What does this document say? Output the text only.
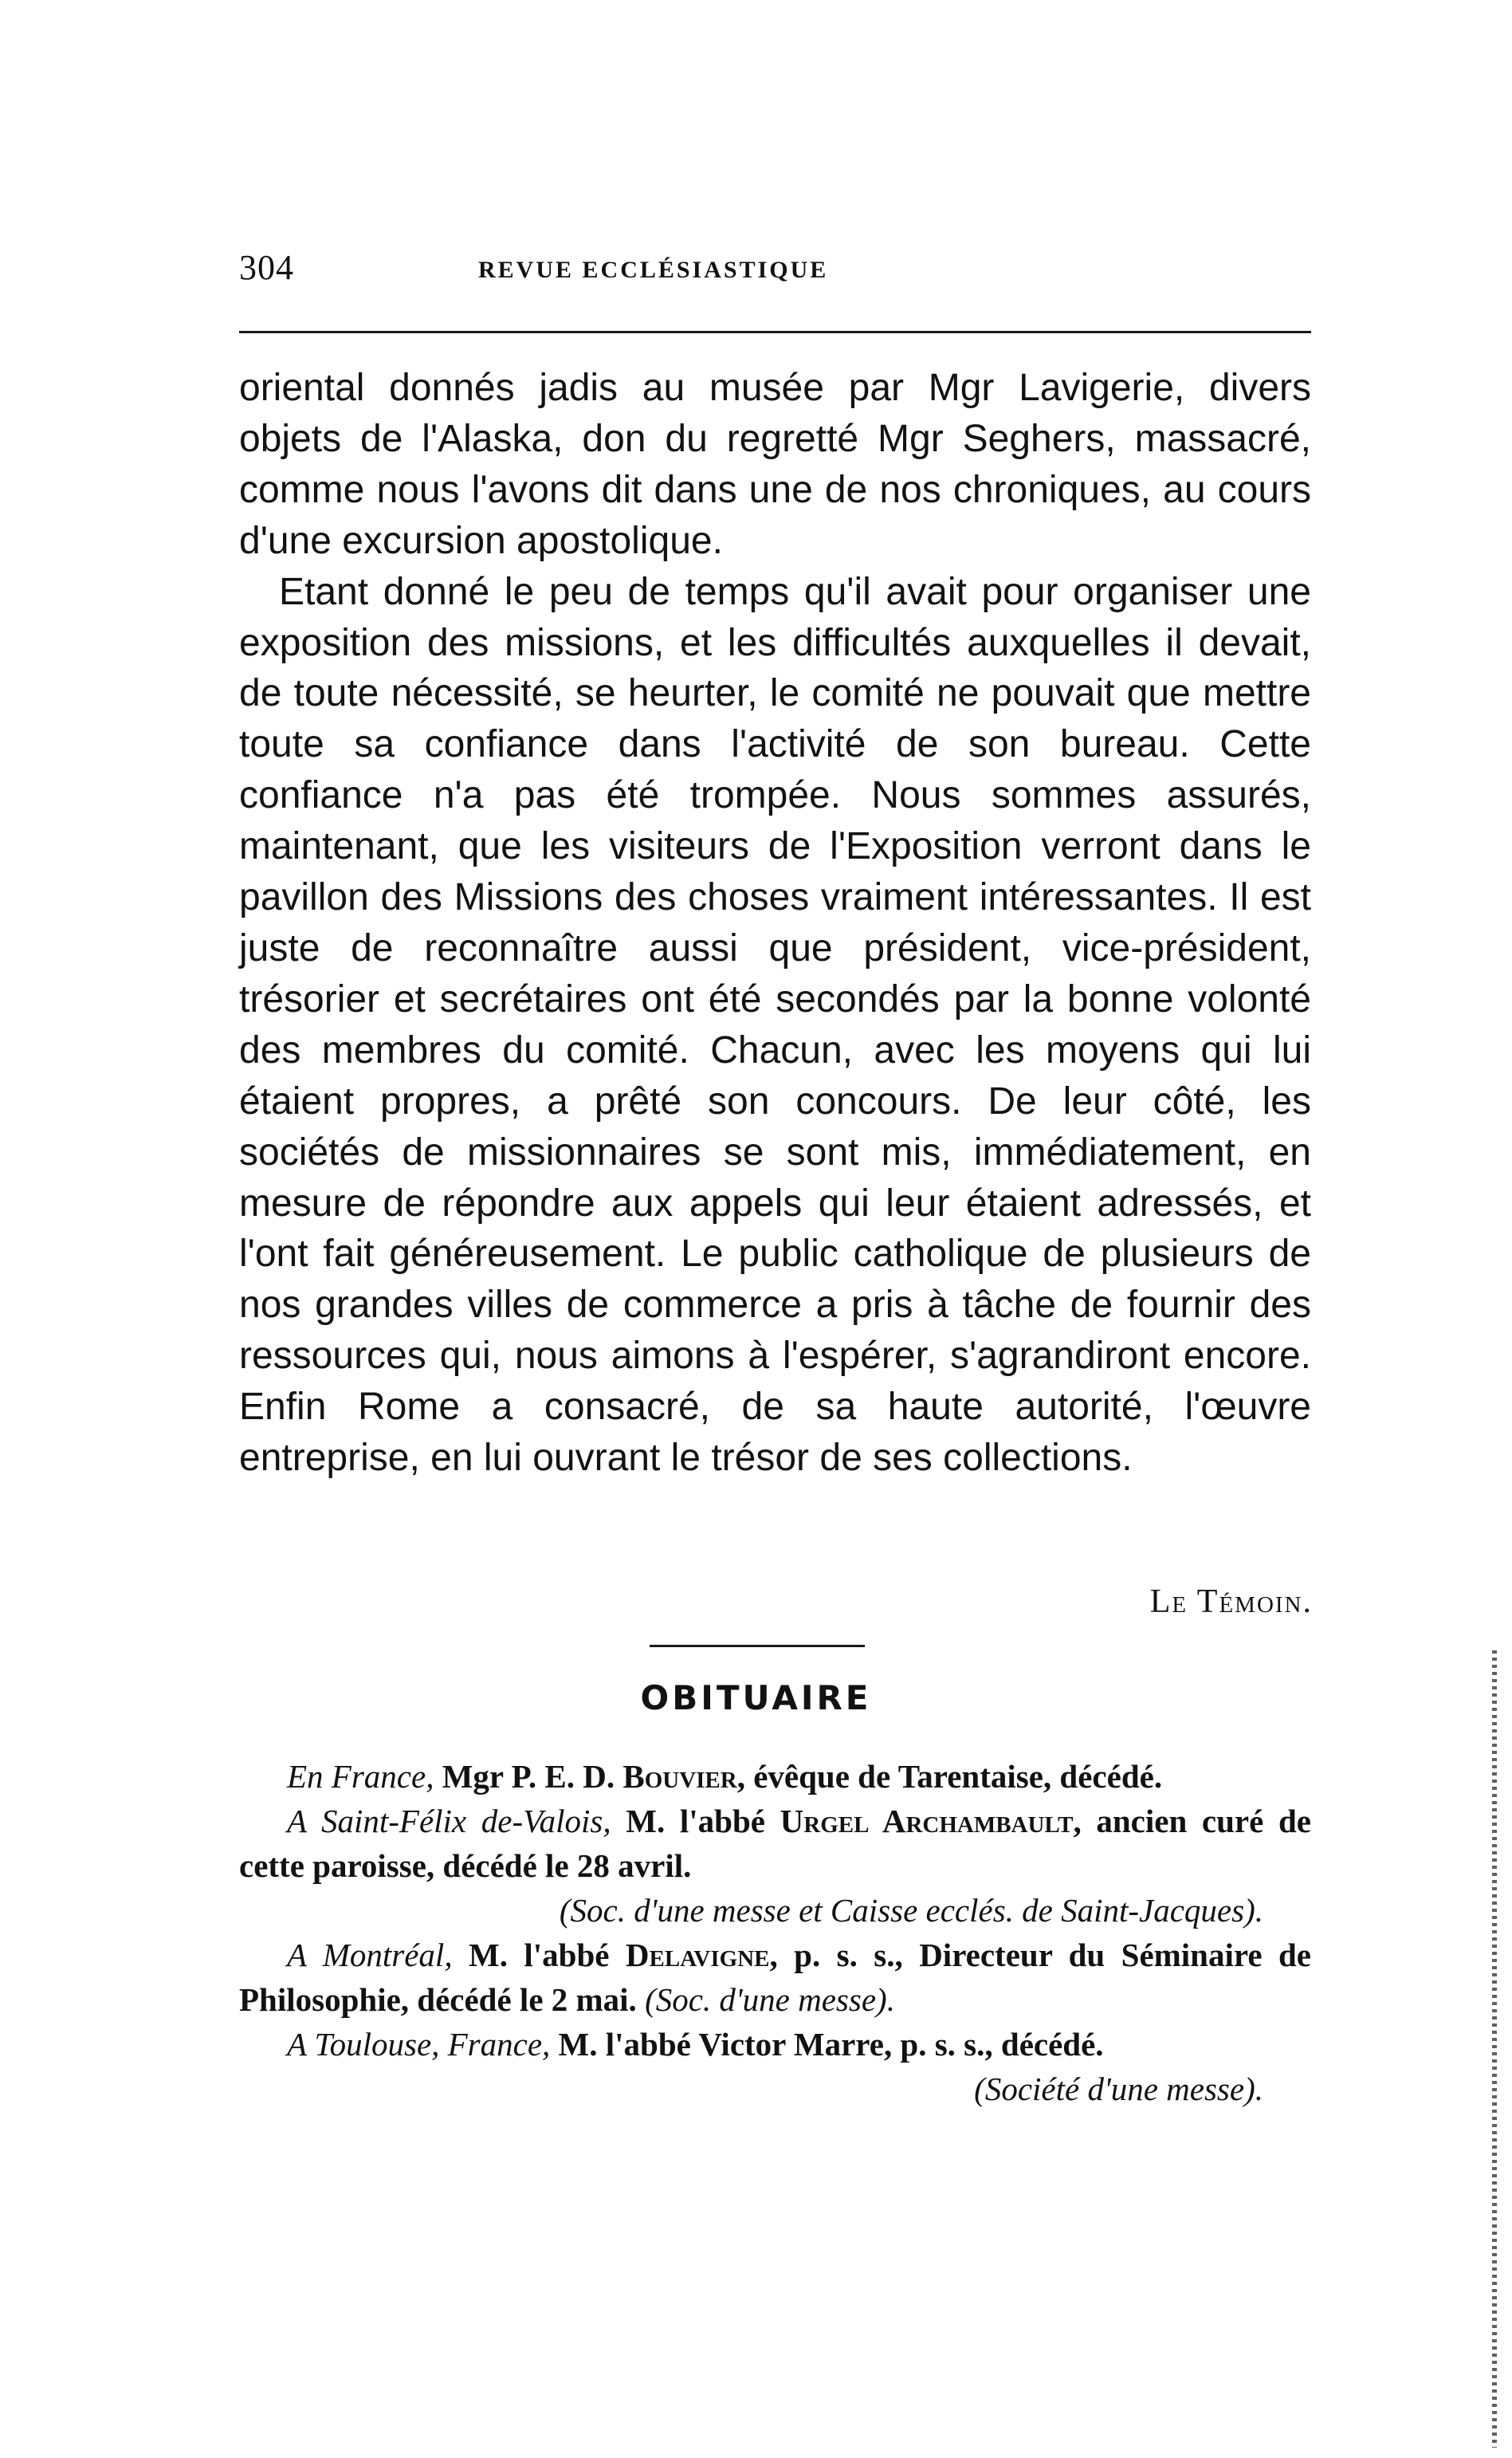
304	REVUE ECCLÉSIASTIQUE

oriental donnés jadis au musée par Mgr Lavigerie, divers objets de l'Alaska, don du regretté Mgr Seghers, massacré, comme nous l'avons dit dans une de nos chroniques, au cours d'une excursion apostolique.

Etant donné le peu de temps qu'il avait pour organiser une exposition des missions, et les difficultés auxquelles il devait, de toute nécessité, se heurter, le comité ne pouvait que mettre toute sa confiance dans l'activité de son bureau. Cette confiance n'a pas été trompée. Nous sommes assurés, maintenant, que les visiteurs de l'Exposition verront dans le pavillon des Missions des choses vraiment intéressantes. Il est juste de reconnaître aussi que président, vice-président, trésorier et secrétaires ont été secondés par la bonne volonté des membres du comité. Chacun, avec les moyens qui lui étaient propres, a prêté son concours. De leur côté, les sociétés de missionnaires se sont mis, immédiatement, en mesure de répondre aux appels qui leur étaient adressés, et l'ont fait généreusement. Le public catholique de plusieurs de nos grandes villes de commerce a pris à tâche de fournir des ressources qui, nous aimons à l'espérer, s'agrandiront encore. Enfin Rome a consacré, de sa haute autorité, l'œuvre entreprise, en lui ouvrant le trésor de ses collections.

Le Témoin.
OBITUAIRE

En France, Mgr P. E. D. Bouvier, évêque de Tarentaise, décédé.

A Saint-Félix de-Valois, M. l'abbé Urgel Archambault, ancien curé de cette paroisse, décédé le 28 avril.
(Soc. d'une messe et Caisse ecclés. de Saint-Jacques).

A Montréal, M. l'abbé Delavigne, p. s. s., Directeur du Séminaire de Philosophie, décédé le 2 mai. (Soc. d'une messe).

A Toulouse, France, M. l'abbé Victor Marre, p. s. s., décédé.
(Société d'une messe).
